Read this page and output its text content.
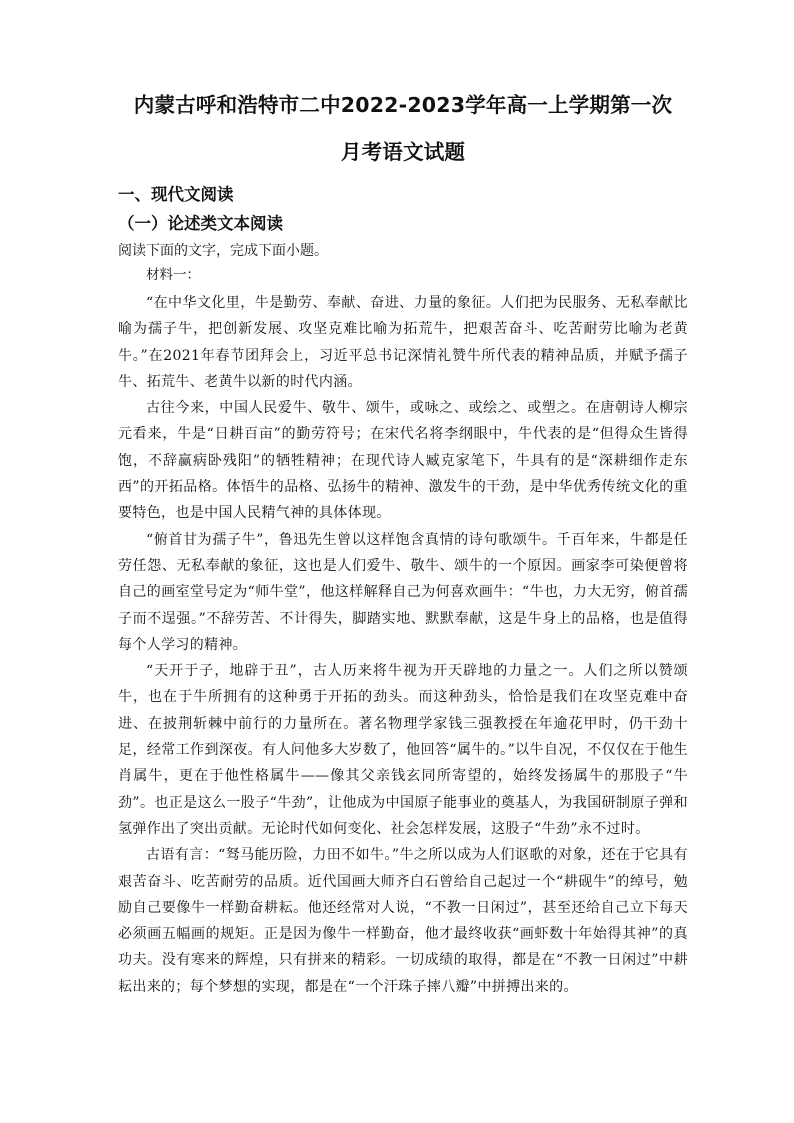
内蒙古呼和浩特市二中2022-2023学年高一上学期第一次
月考语文试题
一、现代文阅读
（一）论述类文本阅读

阅读下面的文字，完成下面小题。

材料一：

“在中华文化里，牛是勤劳、奉献、奋进、力量的象征。人们把为民服务、无私奉献比喻为孺子牛，把创新发展、攻坚克难比喻为拓荒牛，把艰苦奋斗、吃苦耐劳比喻为老黄牛。”在2021年春节团拜会上，习近平总书记深情礼赞牛所代表的精神品质，并赋予孺子牛、拓荒牛、老黄牛以新的时代内涵。

古往今来，中国人民爱牛、敬牛、颂牛，或咏之、或绘之、或塑之。在唐朝诗人柳宗元看来，牛是“日耕百亩”的勤劳符号；在宋代名将李纲眼中，牛代表的是“但得众生皆得饱，不辞赢病卧残阳”的牺牲精神；在现代诗人臧克家笔下，牛具有的是“深耕细作走东西”的开拓品格。体悟牛的品格、弘扬牛的精神、激发牛的干劲，是中华优秀传统文化的重要特色，也是中国人民精气神的具体体现。

“俯首甘为孺子牛”，鲁迅先生曾以这样饱含真情的诗句歌颂牛。千百年来，牛都是任劳任怨、无私奉献的象征，这也是人们爱牛、敬牛、颂牛的一个原因。画家李可染便曾将自己的画室堂号定为“师牛堂”，他这样解释自己为何喜欢画牛：“牛也，力大无穷，俯首孺子而不逞强。”不辞劳苦、不计得失，脚踏实地、默默奉献，这是牛身上的品格，也是值得每个人学习的精神。

“天开于子，地辟于丑”，古人历来将牛视为开天辟地的力量之一。人们之所以赞颂牛，也在于牛所拥有的这种勇于开拓的劲头。而这种劲头，恰恰是我们在攻坚克难中奋进、在披荆斩棘中前行的力量所在。著名物理学家钱三强教授在年逾花甲时，仍干劲十足，经常工作到深夜。有人问他多大岁数了，他回答“属牛的。”以牛自况，不仅仅在于他生肖属牛，更在于他性格属牛——像其父亲钱玄同所寄望的，始终发扬属牛的那股子“牛劲”。也正是这么一股子“牛劲”，让他成为中国原子能事业的奠基人，为我国研制原子弹和氢弹作出了突出贡献。无论时代如何变化、社会怎样发展，这股子“牛劲”永不过时。

古语有言：“驽马能历险，力田不如牛。”牛之所以成为人们讴歌的对象，还在于它具有艰苦奋斗、吃苦耐劳的品质。近代国画大师齐白石曾给自己起过一个“耕砚牛”的绰号，勉励自己要像牛一样勤奋耕耘。他还经常对人说，“不教一日闲过”，甚至还给自己立下每天必须画五幅画的规矩。正是因为像牛一样勤奋，他才最终收获“画虾数十年始得其神”的真功夫。没有寒来的辉煌，只有拼来的精彩。一切成绩的取得，都是在“不教一日闲过”中耕耘出来的；每个梦想的实现，都是在“一个汗珠子摔八瓣”中拼搏出来的。
